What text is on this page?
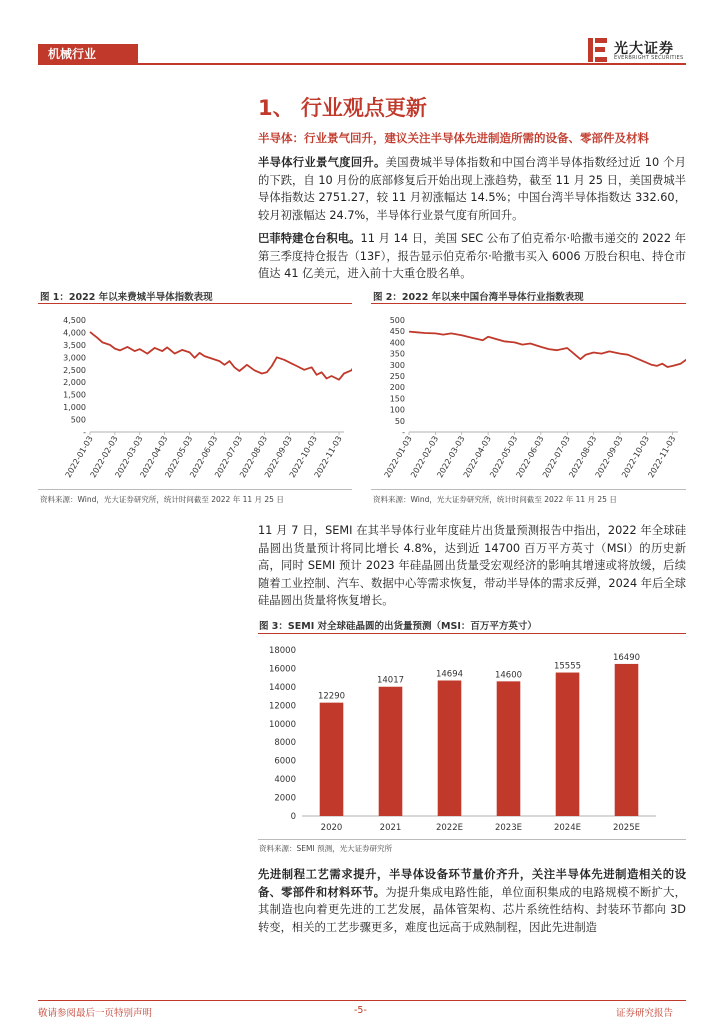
机械行业	光大证券
EVERBRIGHT SECURITIES
1、 行业观点更新
半导体：行业景气回升，建议关注半导体先进制造所需的设备、零部件及材料
半导体行业景气度回升。美国费城半导体指数和中国台湾半导体指数经过近 10 个月的下跌，自 10 月份的底部修复后开始出现上涨趋势，截至 11 月 25 日，美国费城半导体指数达 2751.27，较 11 月初涨幅达 14.5%；中国台湾半导体指数达 332.60，较月初涨幅达 24.7%，半导体行业景气度有所回升。
巴菲特建仓台积电。11 月 14 日，美国 SEC 公布了伯克希尔·哈撒韦递交的 2022 年第三季度持仓报告（13F），报告显示伯克希尔·哈撒韦买入 6006 万股台积电、持仓市值达 41 亿美元，进入前十大重仓股名单。
图 1：2022 年以来费城半导体指数表现
-
500
1,000
1,500
2,000
2,500
3,000
3,500
4,000
4,500
2022-01-03
2022-02-03
2022-03-03
2022-04-03
2022-05-03
2022-06-03
2022-07-03
2022-08-03
2022-09-03
2022-10-03
2022-11-03
资料来源：Wind，光大证券研究所，统计时间截至 2022 年 11 月 25 日
图 2：2022 年以来中国台湾半导体行业指数表现
-
50
100
150
200
250
300
350
400
450
500
2022-01-03
2022-02-03
2022-03-03
2022-04-03
2022-05-03
2022-06-03
2022-07-03
2022-08-03
2022-09-03
2022-10-03
2022-11-03
资料来源：Wind，光大证券研究所，统计时间截至 2022 年 11 月 25 日
11 月 7 日，SEMI 在其半导体行业年度硅片出货量预测报告中指出，2022 年全球硅晶圆出货量预计将同比增长 4.8%，达到近 14700 百万平方英寸（MSI）的历史新高，同时 SEMI 预计 2023 年硅晶圆出货量受宏观经济的影响其增速或将放缓，后续随着工业控制、汽车、数据中心等需求恢复，带动半导体的需求反弹，2024 年后全球硅晶圆出货量将恢复增长。
图 3：SEMI 对全球硅晶圆的出货量预测（MSI：百万平方英寸）
0
2000
4000
6000
8000
10000
12000
14000
16000
18000
12290
2020
14017
2021
14694
2022E
14600
2023E
15555
2024E
16490
2025E
资料来源：SEMI 预测，光大证券研究所
先进制程工艺需求提升，半导体设备环节量价齐升，关注半导体先进制造相关的设备、零部件和材料环节。为提升集成电路性能，单位面积集成的电路规模不断扩大，其制造也向着更先进的工艺发展，晶体管架构、芯片系统性结构、封装环节都向 3D 转变，相关的工艺步骤更多，难度也远高于成熟制程，因此先进制造
敬请参阅最后一页特别声明	-5-	证券研究报告
